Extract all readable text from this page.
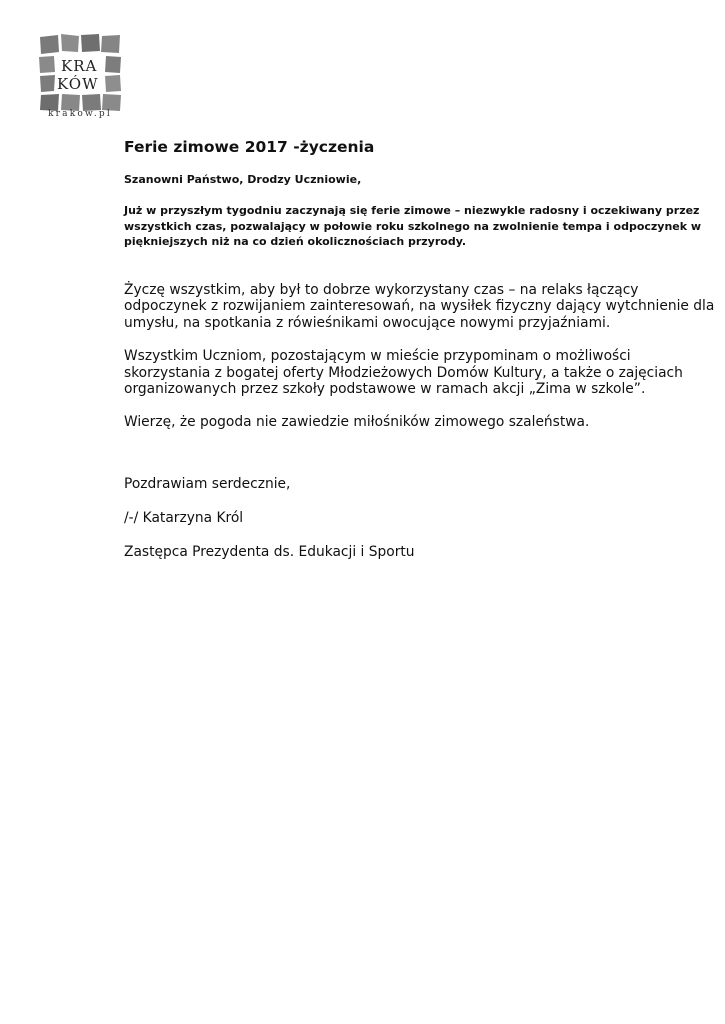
KRA
KÓW
krakow.pl
Ferie zimowe 2017 -życzenia

Szanowni Państwo, Drodzy Uczniowie,

Już w przyszłym tygodniu zaczynają się ferie zimowe – niezwykle radosny i oczekiwany przez
wszystkich czas, pozwalający w połowie roku szkolnego na zwolnienie tempa i odpoczynek w
piękniejszych niż na co dzień okolicznościach przyrody.

Życzę wszystkim, aby był to dobrze wykorzystany czas – na relaks łączący
odpoczynek z rozwijaniem zainteresowań, na wysiłek fizyczny dający wytchnienie dla
umysłu, na spotkania z rówieśnikami owocujące nowymi przyjaźniami.

Wszystkim Uczniom, pozostającym w mieście przypominam o możliwości
skorzystania z bogatej oferty Młodzieżowych Domów Kultury, a także o zajęciach
organizowanych przez szkoły podstawowe w ramach akcji „Zima w szkole”.

Wierzę, że pogoda nie zawiedzie miłośników zimowego szaleństwa.

Pozdrawiam serdecznie,

/-/ Katarzyna Król

Zastępca Prezydenta ds. Edukacji i Sportu
